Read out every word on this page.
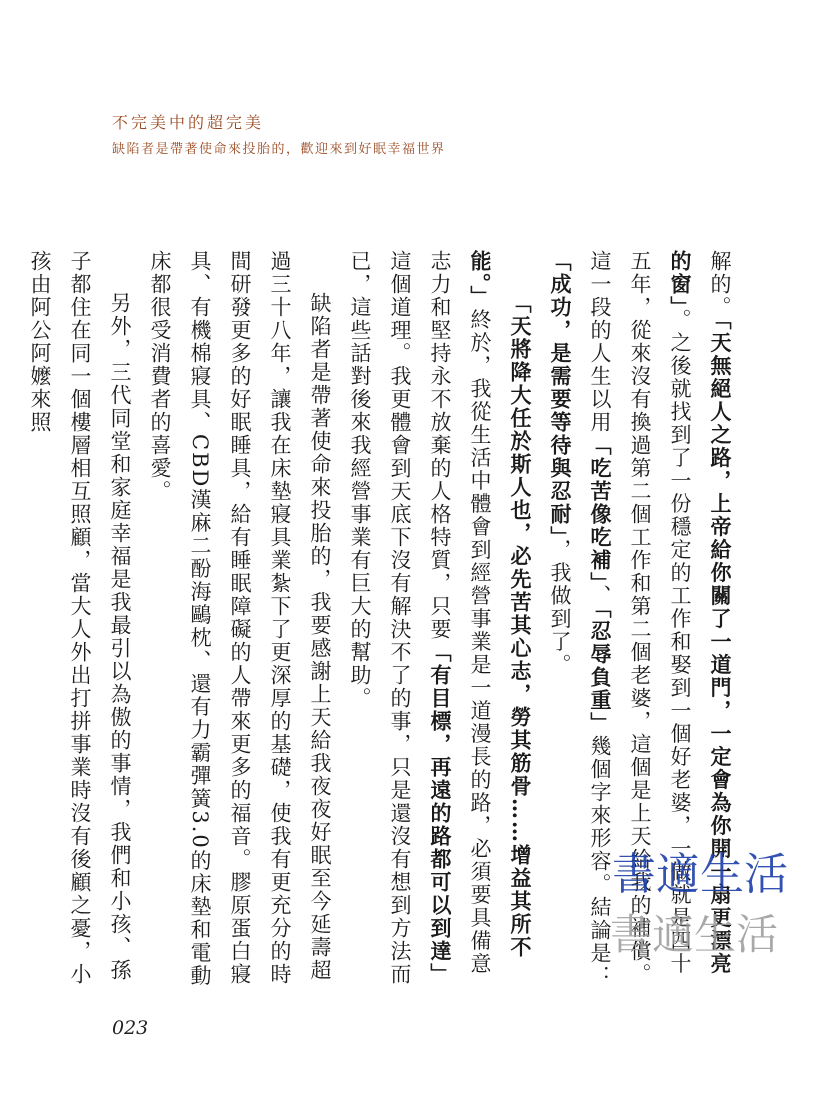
不完美中的超完美
缺陷者是帶著使命來投胎的，歡迎來到好眠幸福世界

解的。「天無絕人之路，上帝給你關了一道門，一定會為你開一扇更漂亮的窗」。之後就找到了一份穩定的工作和娶到一個好老婆，一做就是四十五年，從來沒有換過第二個工作和第二個老婆，這個是上天給我的補償。這一段的人生以用「吃苦像吃補」、「忍辱負重」幾個字來形容。結論是：「成功，是需要等待與忍耐」，我做到了。

「天將降大任於斯人也，必先苦其心志，勞其筋骨……增益其所不能。」終於，我從生活中體會到經營事業是一道漫長的路，必須要具備意志力和堅持永不放棄的人格特質，只要「有目標，再遠的路都可以到達」這個道理。我更體會到天底下沒有解決不了的事，只是還沒有想到方法而已，這些話對後來我經營事業有巨大的幫助。

缺陷者是帶著使命來投胎的，我要感謝上天給我夜夜好眠至今延壽超過三十八年，讓我在床墊寢具業紮下了更深厚的基礎，使我有更充分的時間研發更多的好眠睡具，給有睡眠障礙的人帶來更多的福音。膠原蛋白寢具、有機棉寢具、CBD漢麻二酚海鷗枕、還有力霸彈簧3.0的床墊和電動床都很受消費者的喜愛。

另外，三代同堂和家庭幸福是我最引以為傲的事情，我們和小孩、孫子都住在同一個樓層相互照顧，當大人外出打拼事業時沒有後顧之憂，小孩由阿公阿嬤來照

023
書適生活
書適生活
